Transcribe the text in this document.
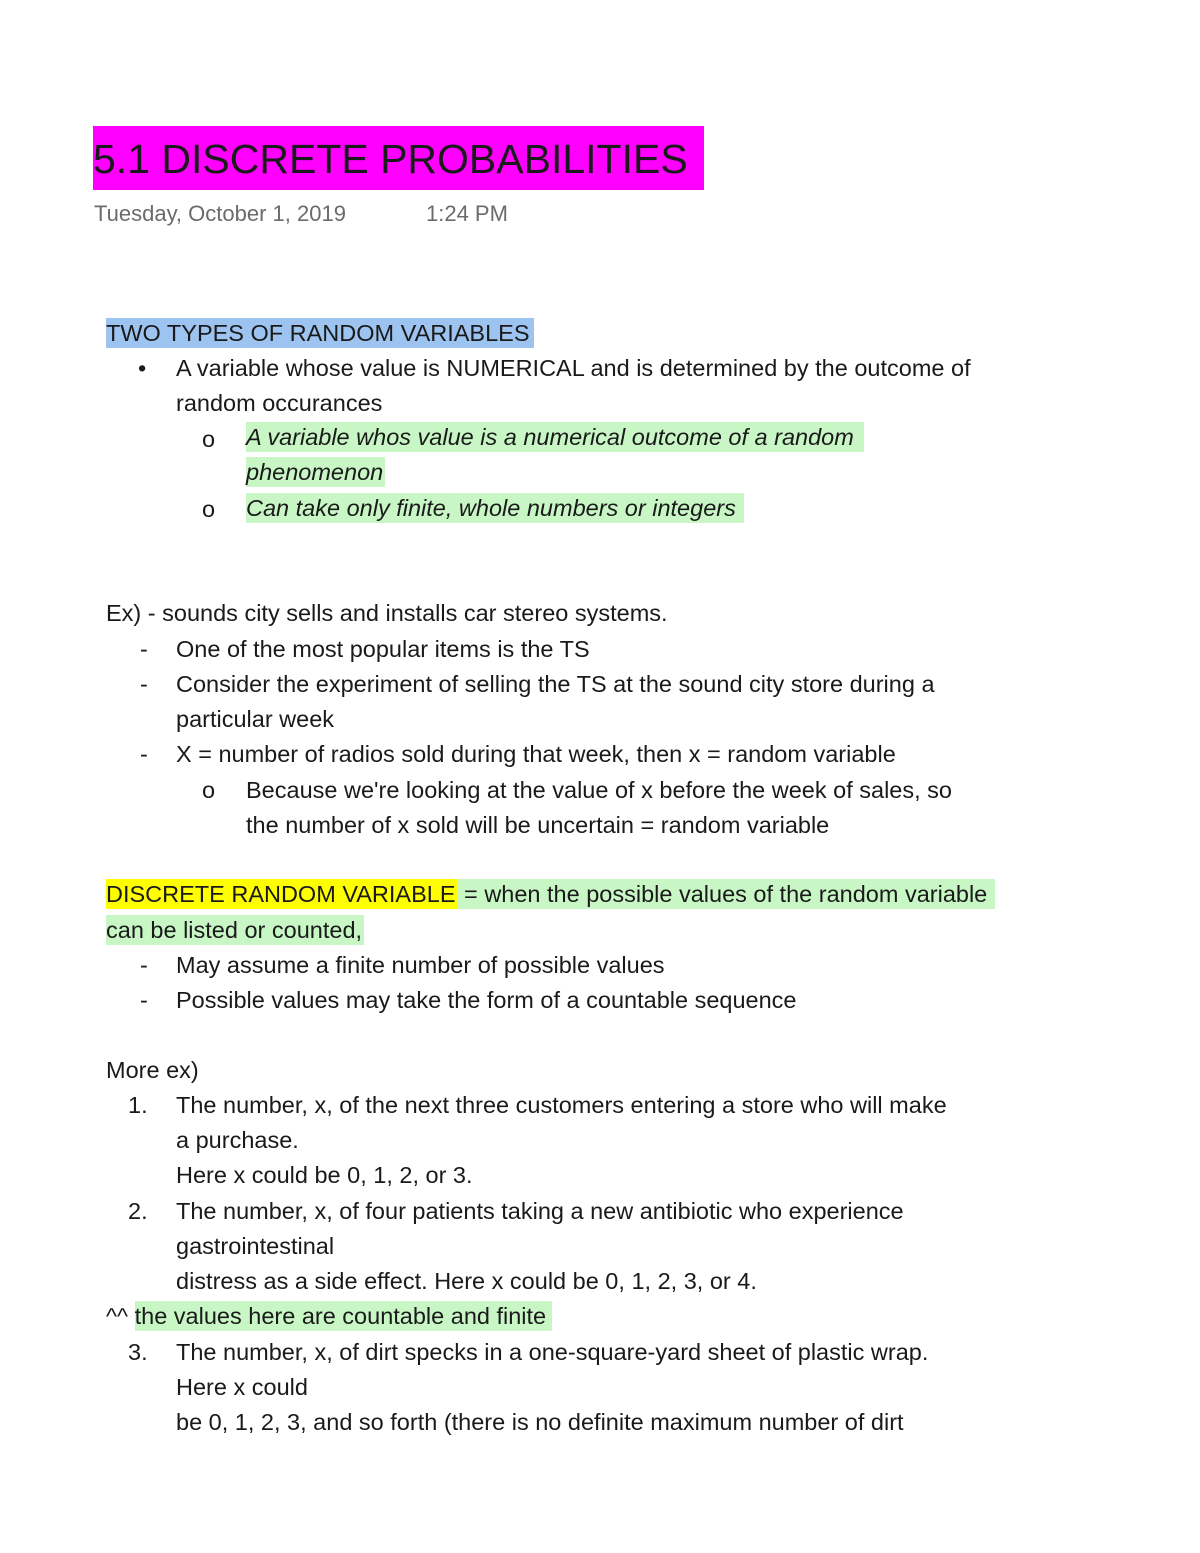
5.1 DISCRETE PROBABILITIES
Tuesday, October 1, 2019	1:24 PM
TWO TYPES OF RANDOM VARIABLES
• A variable whose value is NUMERICAL and is determined by the outcome of
random occurances
o A variable whos value is a numerical outcome of a random
phenomenon
o Can take only finite, whole numbers or integers
Ex) - sounds city sells and installs car stereo systems.
- One of the most popular items is the TS
- Consider the experiment of selling the TS at the sound city store during a
particular week
- X = number of radios sold during that week, then x = random variable
o Because we're looking at the value of x before the week of sales, so
the number of x sold will be uncertain = random variable
DISCRETE RANDOM VARIABLE = when the possible values of the random variable
can be listed or counted,
- May assume a finite number of possible values
- Possible values may take the form of a countable sequence
More ex)
1. The number, x, of the next three customers entering a store who will make
a purchase.
Here x could be 0, 1, 2, or 3.
2. The number, x, of four patients taking a new antibiotic who experience
gastrointestinal
distress as a side effect. Here x could be 0, 1, 2, 3, or 4.
^^ the values here are countable and finite
3. The number, x, of dirt specks in a one-square-yard sheet of plastic wrap.
Here x could
be 0, 1, 2, 3, and so forth (there is no definite maximum number of dirt
